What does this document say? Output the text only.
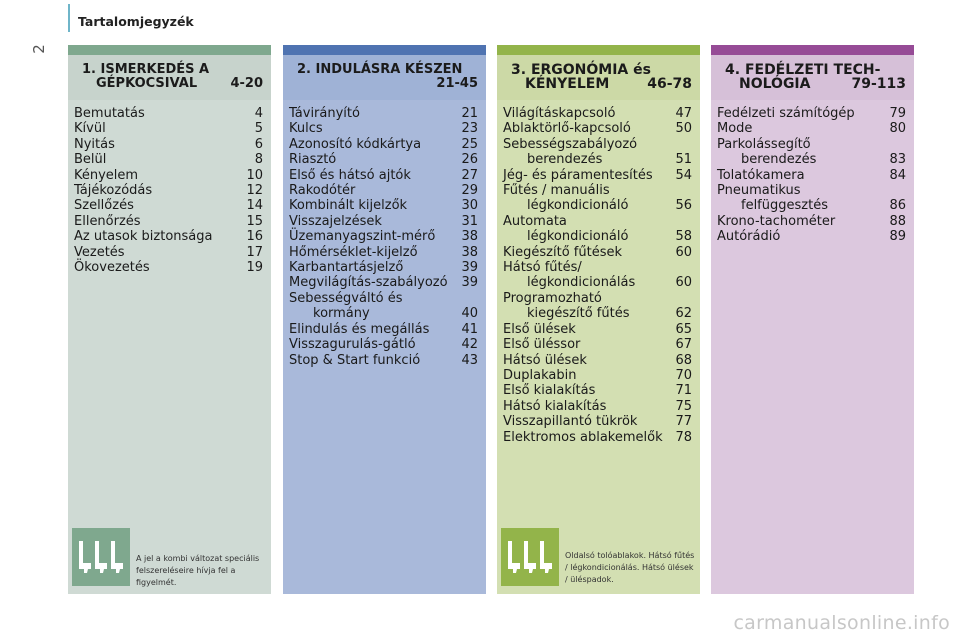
2
Tartalomjegyzék
1. ISMERKEDÉS A
GÉPKOCSIVAL	4-20
Bemutatás	4
Kívül	5
Nyitás	6
Belül	8
Kényelem	10
Tájékozódás	12
Szellőzés	14
Ellenőrzés	15
Az utasok biztonsága	16
Vezetés	17
Ökovezetés	19
A jel a kombi változat speciális felszereléseire hívja fel a figyelmét.
2. INDULÁSRA KÉSZEN
21-45
Távirányító	21
Kulcs	23
Azonosító kódkártya	25
Riasztó	26
Első és hátsó ajtók	27
Rakodótér	29
Kombinált kijelzők	30
Visszajelzések	31
Üzemanyagszint-mérő 38
Hőmérséklet-kijelző	38
Karbantartásjelző	39
Megvilágítás-szabályozó 39
Sebességváltó és
kormány	40
Elindulás és megállás 41
Visszagurulás-gátló	42
Stop & Start funkció	43
3. ERGONÓMIA és
KÉNYELEM	46-78
Világításkapcsoló	47
Ablaktörlő-kapcsoló	50
Sebességszabályozó
berendezés	51
Jég- és páramentesítés 54
Fűtés / manuális
légkondicionáló	56
Automata
légkondicionáló	58
Kiegészítő fűtések	60
Hátsó fűtés/
légkondicionálás	60
Programozható
kiegészítő fűtés	62
Első ülések	65
Első üléssor	67
Hátsó ülések	68
Duplakabin	70
Első kialakítás	71
Hátsó kialakítás	75
Visszapillantó tükrök	77
Elektromos ablakemelők 78
Oldalsó tolóablakok. Hátsó fűtés / légkondicionálás. Hátsó ülések / üléspadok.
4. FEDÉLZETI TECH-
NOLÓGIA	79-113
Fedélzeti számítógép	79
Mode	80
Parkolássegítő
berendezés	83
Tolatókamera	84
Pneumatikus
felfüggesztés	86
Krono-tachométer	88
Autórádió	89
carmanualsonline.info
